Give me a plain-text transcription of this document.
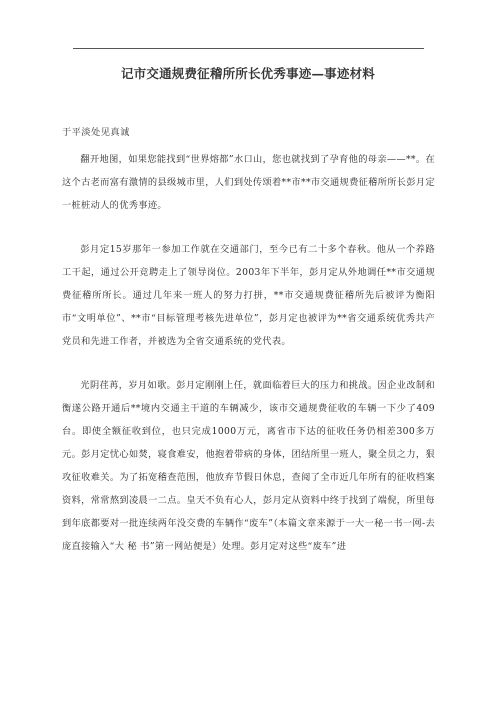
记市交通规费征稽所所长优秀事迹—事迹材料
于平淡处见真诚
翻开地图，如果您能找到“世界熔都”水口山，您也就找到了孕育他的母亲——**。在这个古老而富有激情的县级城市里，人们到处传颂着**市**市交通规费征稽所所长彭月定一桩桩动人的优秀事迹。
彭月定15岁那年一参加工作就在交通部门，至今已有二十多个春秋。他从一个养路工干起，通过公开竞聘走上了领导岗位。2003年下半年，彭月定从外地调任**市交通规费征稽所所长。通过几年来一班人的努力打拼，**市交通规费征稽所先后被评为衡阳市“文明单位”、**市“目标管理考核先进单位”，彭月定也被评为**省交通系统优秀共产党员和先进工作者，并被选为全省交通系统的党代表。
光阴荏苒，岁月如歌。彭月定刚刚上任，就面临着巨大的压力和挑战。因企业改制和衡遂公路开通后**境内交通主干道的车辆减少，该市交通规费征收的车辆一下少了409台。即使全额征收到位，也只完成1000万元，离省市下达的征收任务仍相差300多万元。彭月定忧心如焚，寝食难安，他抱着带病的身体，团结所里一班人，聚全员之力，狠攻征收难关。为了拓宽稽查范围，他放弃节假日休息，查阅了全市近几年所有的征收档案资料，常常熬到凌晨一二点。皇天不负有心人，彭月定从资料中终于找到了端倪，所里每到年底都要对一批连续两年没交费的车辆作“废车”（本篇文章来源于一大一秘一书一网-去庞直接输入“大 秘 书”第一网站便是）处理。彭月定对这些“废车”进
